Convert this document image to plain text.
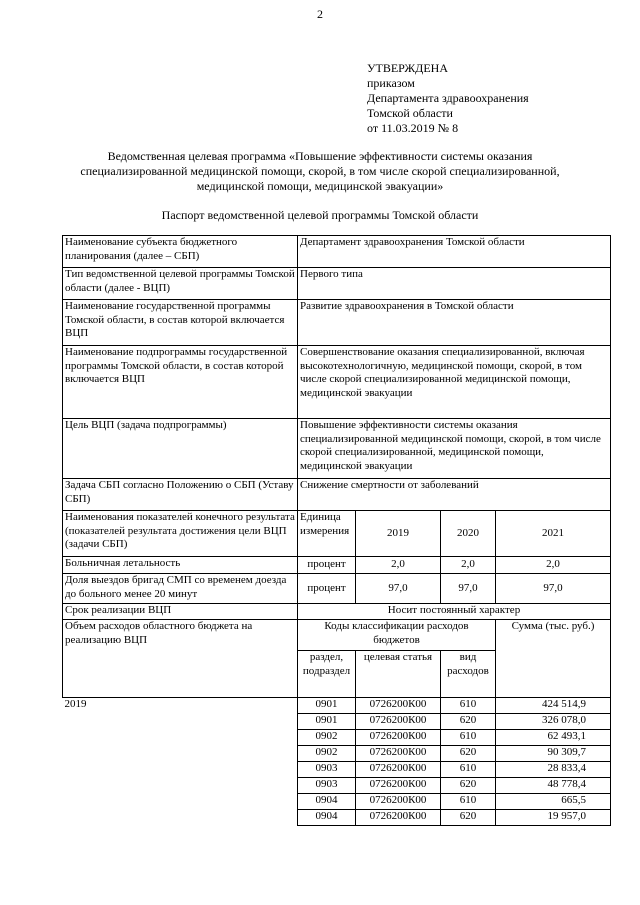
2
УТВЕРЖДЕНА
приказом
Департамента здравоохранения
Томской области
от 11.03.2019 № 8
Ведомственная целевая программа «Повышение эффективности системы оказания
специализированной медицинской помощи, скорой, в том числе скорой специализированной,
медицинской помощи, медицинской эвакуации»
Паспорт ведомственной целевой программы Томской области
Наименование субъекта бюджетного планирования (далее – СБП)	Департамент здравоохранения Томской области			
Тип ведомственной целевой программы Томской области (далее - ВЦП)	Первого типа			
Наименование государственной программы Томской области, в состав которой включается ВЦП	Развитие здравоохранения в Томской области			
Наименование подпрограммы государственной программы Томской области, в состав которой включается ВЦП	Совершенствование оказания специализированной, включая высокотехнологичную, медицинской помощи, скорой, в том числе скорой специализированной медицинской помощи, медицинской эвакуации			
Цель ВЦП (задача подпрограммы)	Повышение эффективности системы оказания специализированной медицинской помощи, скорой, в том числе скорой специализированной, медицинской помощи, медицинской эвакуации			
Задача СБП согласно Положению о СБП (Уставу СБП)	Снижение смертности от заболеваний			
Наименования показателей конечного результата (показателей результата достижения цели ВЦП (задачи СБП)	Единица измерения	2019	2020	2021
Больничная летальность	процент	2,0	2,0	2,0
Доля выездов бригад СМП со временем доезда до больного менее 20 минут	процент	97,0	97,0	97,0
Срок реализации ВЦП	Носит постоянный характер			
Объем расходов областного бюджета на реализацию ВЦП	Коды классификации расходов бюджетов			Сумма (тыс. руб.)
	раздел, подраздел	целевая статья	вид расходов	
2019	0901	0726200К00	610	424 514,9
	0901	0726200К00	620	326 078,0
	0902	0726200К00	610	62 493,1
	0902	0726200К00	620	90 309,7
	0903	0726200К00	610	28 833,4
	0903	0726200К00	620	48 778,4
	0904	0726200К00	610	665,5
	0904	0726200К00	620	19 957,0
